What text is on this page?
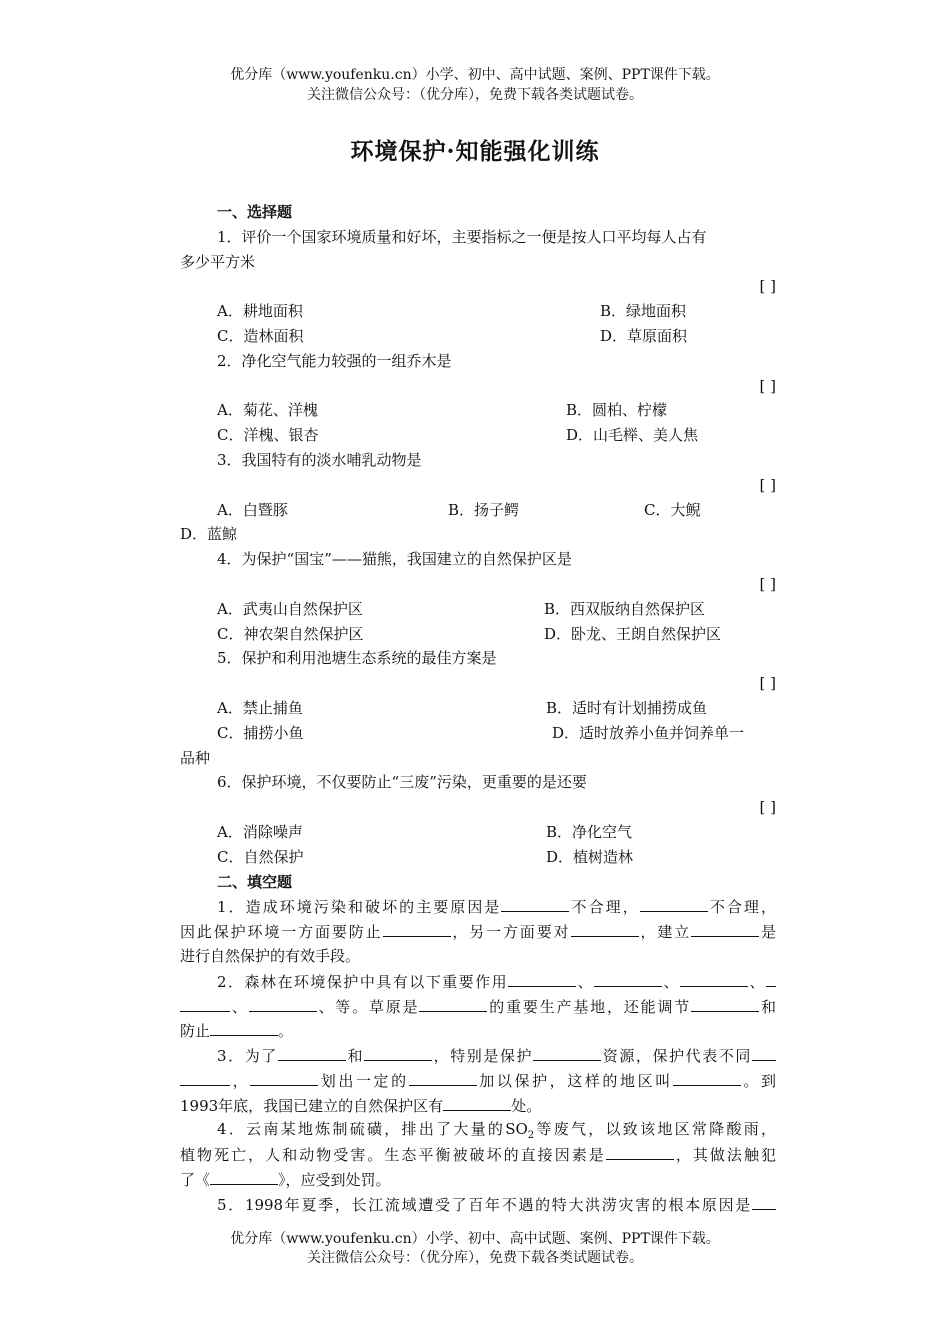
优分库（www.youfenku.cn）小学、初中、高中试题、案例、PPT课件下载。
关注微信公众号：（优分库），免费下载各类试题试卷。
环境保护·知能强化训练
一、选择题
1．评价一个国家环境质量和好坏，主要指标之一便是按人口平均每人占有
多少平方米
[ ]
A．耕地面积	B．绿地面积
C．造林面积	D．草原面积
2．净化空气能力较强的一组乔木是
[ ]
A．菊花、洋槐	B．圆柏、柠檬
C．洋槐、银杏	D．山毛榉、美人焦
3．我国特有的淡水哺乳动物是
[ ]
A．白暨豚	B．扬子鳄	C．大鲵
D．蓝鲸
4．为保护“国宝”——猫熊，我国建立的自然保护区是
[ ]
A．武夷山自然保护区	B．西双版纳自然保护区
C．神农架自然保护区	D．卧龙、王朗自然保护区
5．保护和利用池塘生态系统的最佳方案是
[ ]
A．禁止捕鱼	B．适时有计划捕捞成鱼
C．捕捞小鱼	D．适时放养小鱼并饲养单一
品种
6．保护环境，不仅要防止“三废”污染，更重要的是还要
[ ]
A．消除噪声	B．净化空气
C．自然保护	D．植树造林
二、填空题
1．造成环境污染和破坏的主要原因是	不合理，	不合理，
因此保护环境一方面要防止	，另一方面要对	，建立	是
进行自然保护的有效手段。
2．森林在环境保护中具有以下重要作用	、	、	、
、	、等。草原是	的重要生产基地，还能调节	和
防止	。
3．为了	和	，特别是保护	资源，保护代表不同
，	划出一定的	加以保护，这样的地区叫	。到
1993年底，我国已建立的自然保护区有	处。
4．云南某地炼制硫磺，排出了大量的$SO_2$等废气，以致该地区常降酸雨，
植物死亡，人和动物受害。生态平衡被破坏的直接因素是	，其做法触犯
了《	》，应受到处罚。
5．1998年夏季，长江流域遭受了百年不遇的特大洪涝灾害的根本原因是
优分库（www.youfenku.cn）小学、初中、高中试题、案例、PPT课件下载。
关注微信公众号：（优分库），免费下载各类试题试卷。
